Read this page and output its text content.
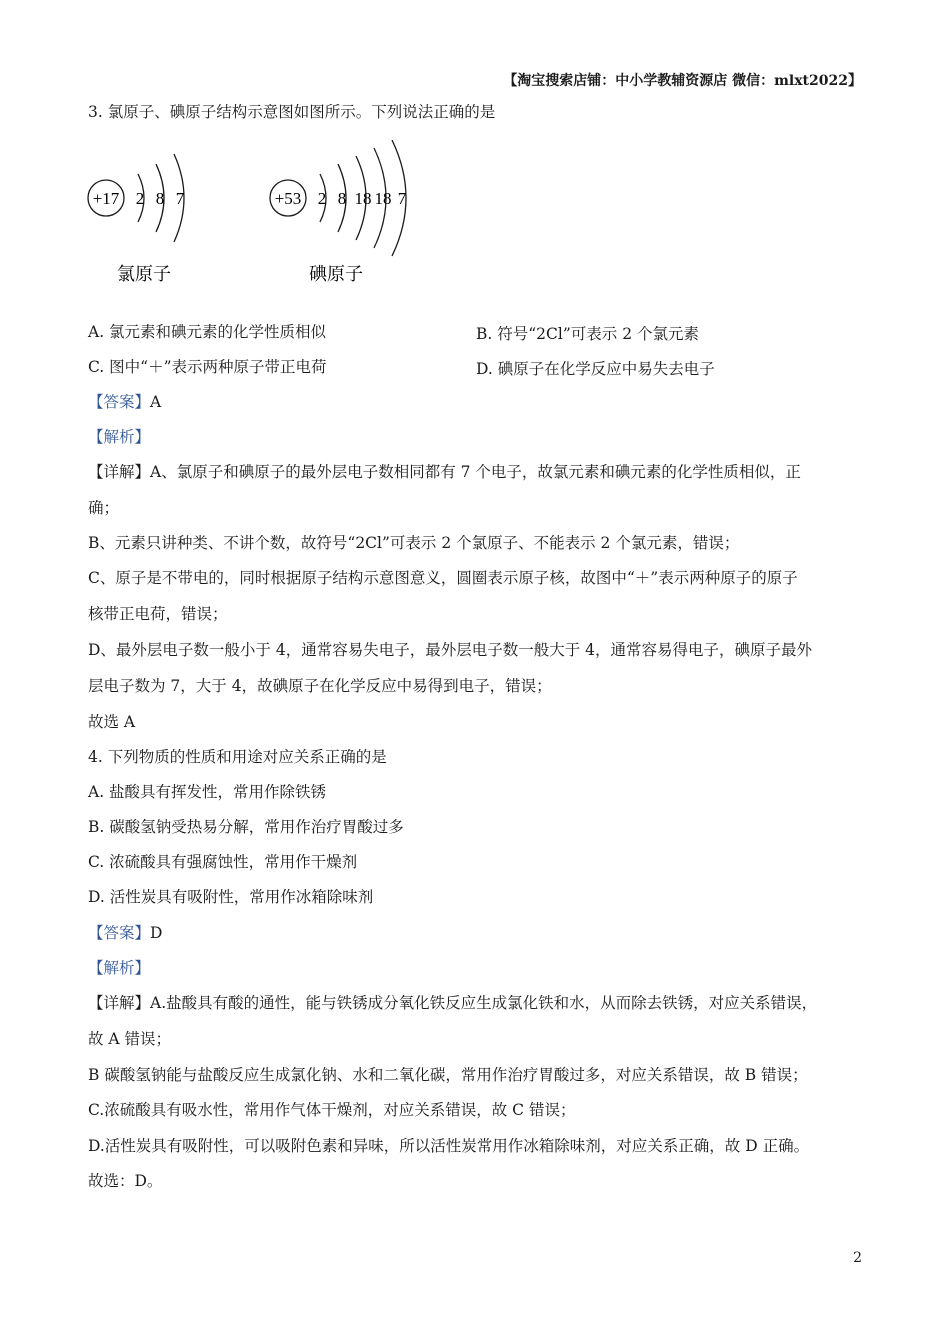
【淘宝搜索店铺：中小学教辅资源店 微信：mlxt2022】
3. 氯原子、碘原子结构示意图如图所示。下列说法正确的是
+17 2 8 7
氯原子
+53 2 8 18 18 7
碘原子
A. 氯元素和碘元素的化学性质相似	B. 符号“2Cl”可表示 2 个氯元素
C. 图中“＋”表示两种原子带正电荷	D. 碘原子在化学反应中易失去电子
【答案】A
【解析】
【详解】A、氯原子和碘原子的最外层电子数相同都有 7 个电子，故氯元素和碘元素的化学性质相似，正
确；
B、元素只讲种类、不讲个数，故符号“2Cl”可表示 2 个氯原子、不能表示 2 个氯元素，错误；
C、原子是不带电的，同时根据原子结构示意图意义，圆圈表示原子核，故图中“＋”表示两种原子的原子
核带正电荷，错误；
D、最外层电子数一般小于 4，通常容易失电子，最外层电子数一般大于 4，通常容易得电子，碘原子最外
层电子数为 7，大于 4，故碘原子在化学反应中易得到电子，错误；
故选 A
4. 下列物质的性质和用途对应关系正确的是
A. 盐酸具有挥发性，常用作除铁锈
B. 碳酸氢钠受热易分解，常用作治疗胃酸过多
C. 浓硫酸具有强腐蚀性，常用作干燥剂
D. 活性炭具有吸附性，常用作冰箱除味剂
【答案】D
【解析】
【详解】A.盐酸具有酸的通性，能与铁锈成分氧化铁反应生成氯化铁和水，从而除去铁锈，对应关系错误，
故 A 错误；
B 碳酸氢钠能与盐酸反应生成氯化钠、水和二氧化碳，常用作治疗胃酸过多，对应关系错误，故 B 错误；
C.浓硫酸具有吸水性，常用作气体干燥剂，对应关系错误，故 C 错误；
D.活性炭具有吸附性，可以吸附色素和异味，所以活性炭常用作冰箱除味剂，对应关系正确，故 D 正确。
故选：D。
2
